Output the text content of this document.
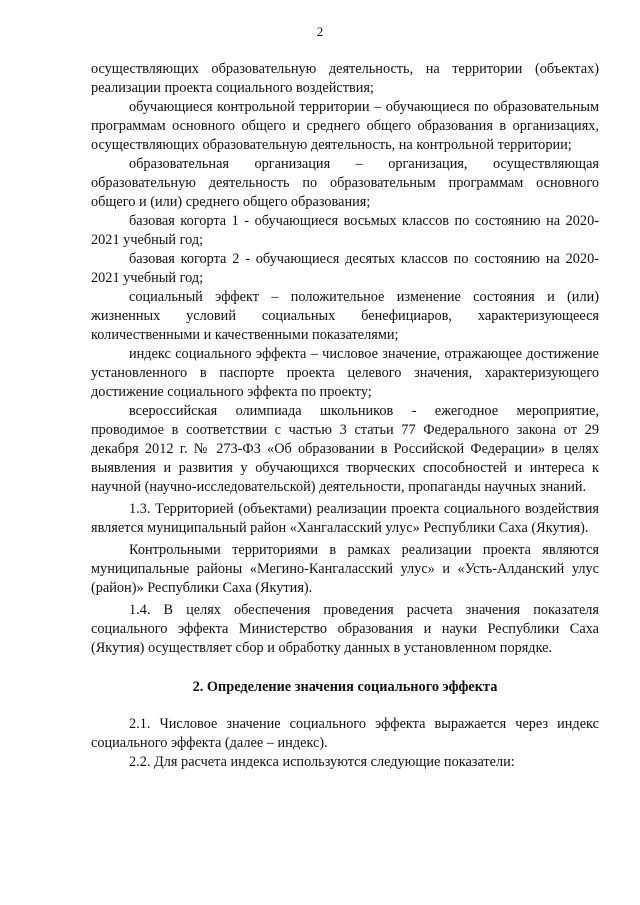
2

осуществляющих образовательную деятельность, на территории (объектах) реализации проекта социального воздействия;

обучающиеся контрольной территории – обучающиеся по образовательным программам основного общего и среднего общего образования в организациях, осуществляющих образовательную деятельность, на контрольной территории;

образовательная организация – организация, осуществляющая образовательную деятельность по образовательным программам основного общего и (или) среднего общего образования;

базовая когорта 1 - обучающиеся восьмых классов по состоянию на 2020-2021 учебный год;

базовая когорта 2 - обучающиеся десятых классов по состоянию на 2020-2021 учебный год;

социальный эффект – положительное изменение состояния и (или) жизненных условий социальных бенефициаров, характеризующееся количественными и качественными показателями;

индекс социального эффекта – числовое значение, отражающее достижение установленного в паспорте проекта целевого значения, характеризующего достижение социального эффекта по проекту;

всероссийская олимпиада школьников - ежегодное мероприятие, проводимое в соответствии с частью 3 статьи 77 Федерального закона от 29 декабря 2012 г. № 273-ФЗ «Об образовании в Российской Федерации» в целях выявления и развития у обучающихся творческих способностей и интереса к научной (научно-исследовательской) деятельности, пропаганды научных знаний.

1.3. Территорией (объектами) реализации проекта социального воздействия является муниципальный район «Хангаласский улус» Республики Саха (Якутия).

Контрольными территориями в рамках реализации проекта являются муниципальные районы «Мегино-Кангаласский улус» и «Усть-Алданский улус (район)» Республики Саха (Якутия).

1.4. В целях обеспечения проведения расчета значения показателя социального эффекта Министерство образования и науки Республики Саха (Якутия) осуществляет сбор и обработку данных в установленном порядке.

2. Определение значения социального эффекта

2.1. Числовое значение социального эффекта выражается через индекс социального эффекта (далее – индекс).

2.2. Для расчета индекса используются следующие показатели:
